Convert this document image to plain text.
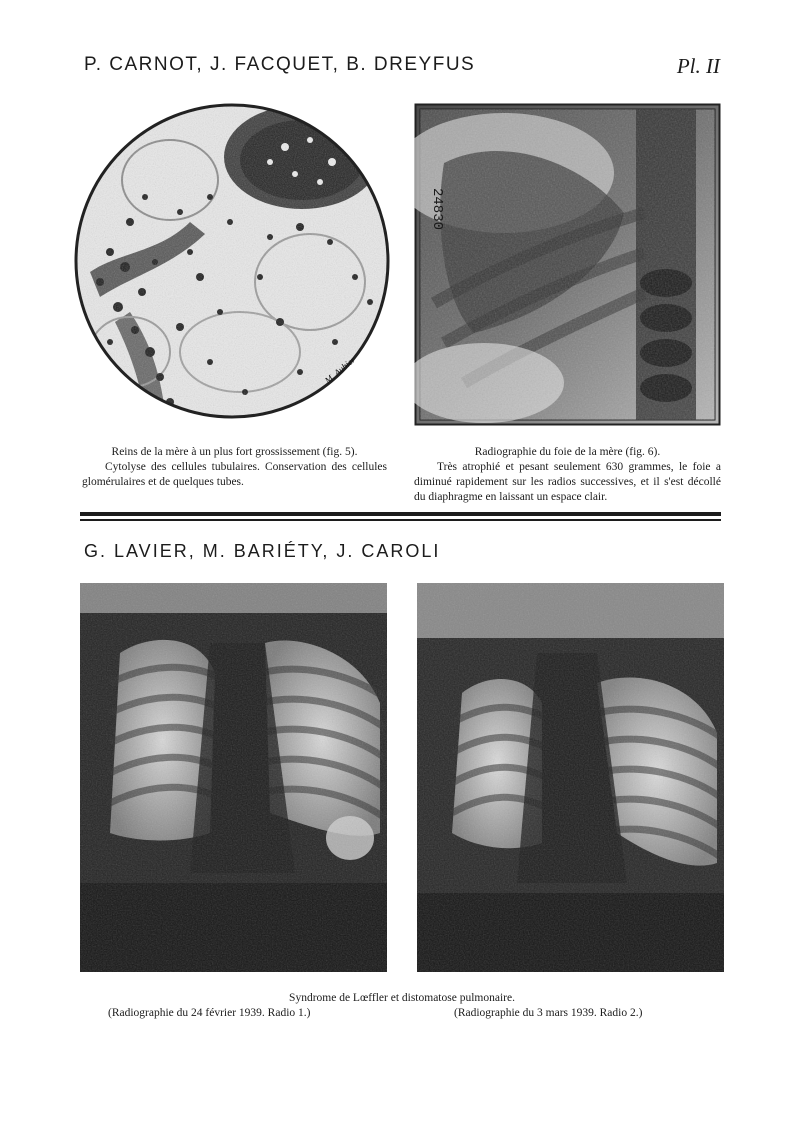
P. CARNOT, J. FACQUET, B. DREYFUS	Pl. II
M. Aubier
24830

Reins de la mère à un plus fort grossissement (fig. 5).

Cytolyse des cellules tubulaires. Conservation des cellules glomérulaires et de quelques tubes.

Radiographie du foie de la mère (fig. 6).

Très atrophié et pesant seulement 630 grammes, le foie a diminué rapidement sur les radios successives, et il s'est décollé du diaphragme en laissant un espace clair.

G. LAVIER, M. BARIÉTY, J. CAROLI
Syndrome de Lœffler et distomatose pulmonaire.
(Radiographie du 24 février 1939. Radio 1.)	(Radiographie du 3 mars 1939. Radio 2.)
